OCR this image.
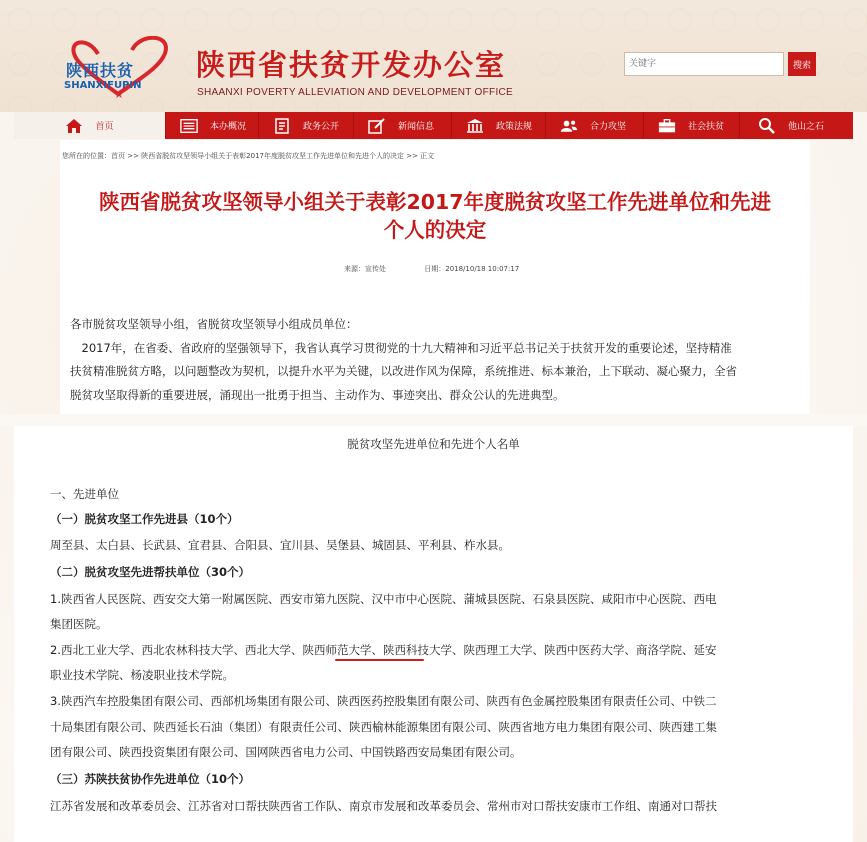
陕西扶贫
SHANXIFUPIN
陕西省扶贫开发办公室
SHAANXI POVERTY ALLEVIATION AND DEVELOPMENT OFFICE
关键字
搜索
首页	本办概况	政务公开	新闻信息	政策法规	合力攻坚	社会扶贫	他山之石
您所在的位置：首页 >> 陕西省脱贫攻坚领导小组关于表彰2017年度脱贫攻坚工作先进单位和先进个人的决定 >> 正文
陕西省脱贫攻坚领导小组关于表彰2017年度脱贫攻坚工作先进单位和先进
个人的决定
来源：宣传处	日期：2018/10/18 10:07:17
各市脱贫攻坚领导小组，省脱贫攻坚领导小组成员单位：
　2017年，在省委、省政府的坚强领导下，我省认真学习贯彻党的十九大精神和习近平总书记关于扶贫开发的重要论述，坚持精准
扶贫精准脱贫方略，以问题整改为契机，以提升水平为关键，以改进作风为保障，系统推进、标本兼治，上下联动、凝心聚力，全省
脱贫攻坚取得新的重要进展，涌现出一批勇于担当、主动作为、事迹突出、群众公认的先进典型。
脱贫攻坚先进单位和先进个人名单
一、先进单位
（一）脱贫攻坚工作先进县（10个）
周至县、太白县、长武县、宜君县、合阳县、宜川县、吴堡县、城固县、平利县、柞水县。
（二）脱贫攻坚先进帮扶单位（30个）
1.陕西省人民医院、西安交大第一附属医院、西安市第九医院、汉中市中心医院、蒲城县医院、石泉县医院、咸阳市中心医院、西电
集团医院。
2.西北工业大学、西北农林科技大学、西北大学、陕西师范大学、陕西科技大学、陕西理工大学、陕西中医药大学、商洛学院、延安
职业技术学院、杨凌职业技术学院。
3.陕西汽车控股集团有限公司、西部机场集团有限公司、陕西医药控股集团有限公司、陕西有色金属控股集团有限责任公司、中铁二
十局集团有限公司、陕西延长石油（集团）有限责任公司、陕西榆林能源集团有限公司、陕西省地方电力集团有限公司、陕西建工集
团有限公司、陕西投资集团有限公司、国网陕西省电力公司、中国铁路西安局集团有限公司。
（三）苏陕扶贫协作先进单位（10个）
江苏省发展和改革委员会、江苏省对口帮扶陕西省工作队、南京市发展和改革委员会、常州市对口帮扶安康市工作组、南通对口帮扶
